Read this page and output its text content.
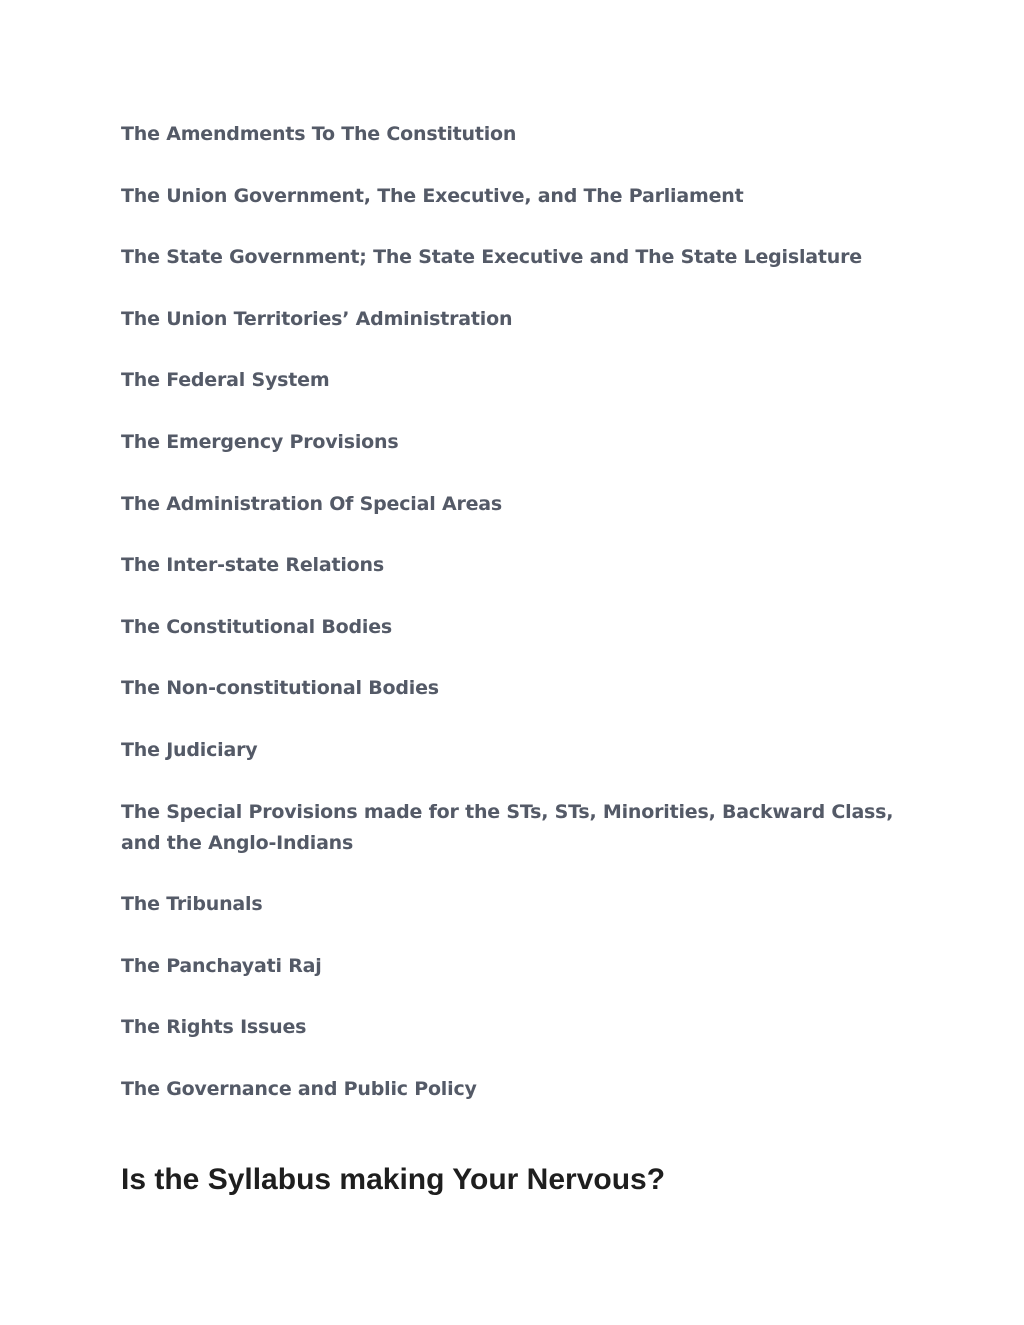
The Amendments To The Constitution
The Union Government, The Executive, and The Parliament
The State Government; The State Executive and The State Legislature
The Union Territories’ Administration
The Federal System
The Emergency Provisions
The Administration Of Special Areas
The Inter-state Relations
The Constitutional Bodies
The Non-constitutional Bodies
The Judiciary
The Special Provisions made for the STs, STs, Minorities, Backward Class, and the Anglo-Indians
The Tribunals
The Panchayati Raj
The Rights Issues
The Governance and Public Policy
Is the Syllabus making Your Nervous?
